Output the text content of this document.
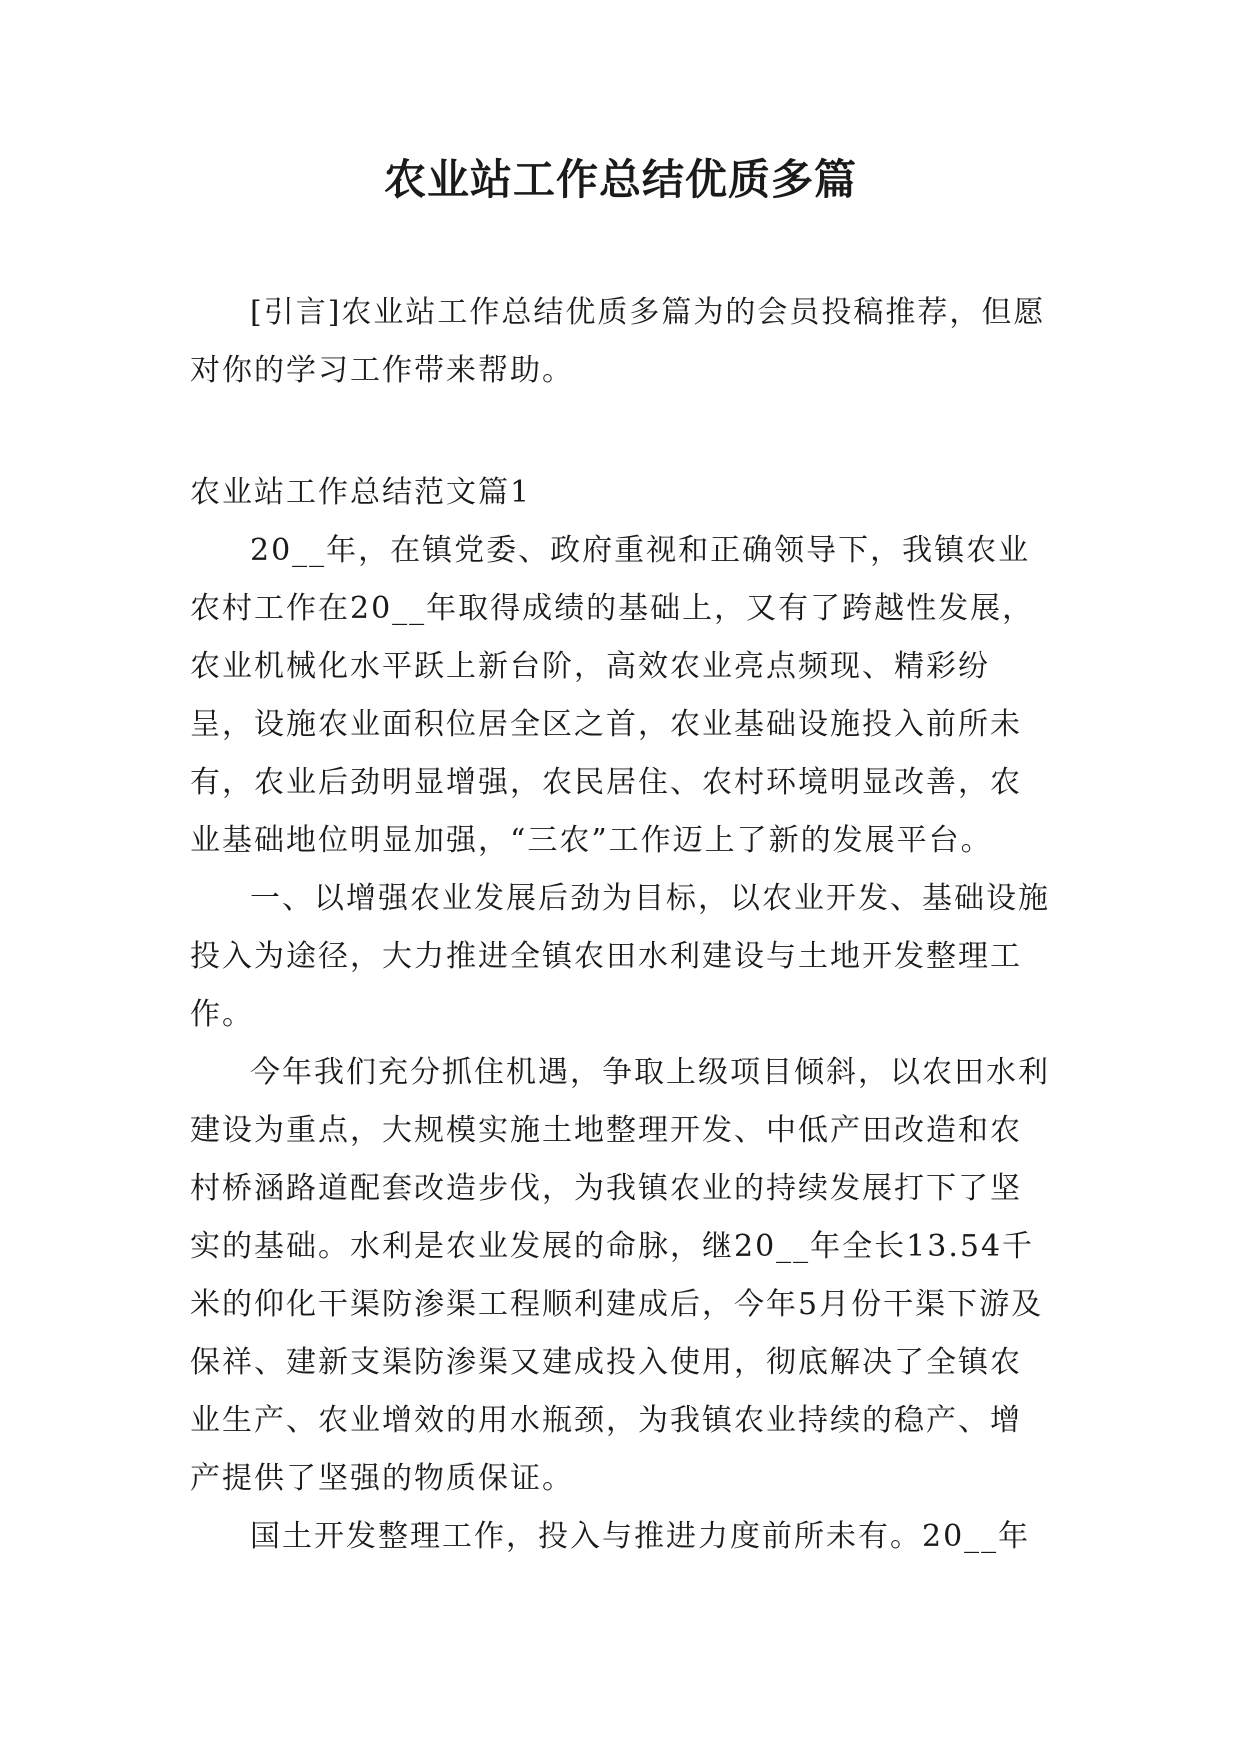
农业站工作总结优质多篇

[引言]农业站工作总结优质多篇为的会员投稿推荐，但愿对你的学习工作带来帮助。

农业站工作总结范文篇1

20__年，在镇党委、政府重视和正确领导下，我镇农业农村工作在20__年取得成绩的基础上，又有了跨越性发展，农业机械化水平跃上新台阶，高效农业亮点频现、精彩纷呈，设施农业面积位居全区之首，农业基础设施投入前所未有，农业后劲明显增强，农民居住、农村环境明显改善，农业基础地位明显加强，“三农”工作迈上了新的发展平台。

一、以增强农业发展后劲为目标，以农业开发、基础设施投入为途径，大力推进全镇农田水利建设与土地开发整理工作。

今年我们充分抓住机遇，争取上级项目倾斜，以农田水利建设为重点，大规模实施土地整理开发、中低产田改造和农村桥涵路道配套改造步伐，为我镇农业的持续发展打下了坚实的基础。水利是农业发展的命脉，继20__年全长13.54千米的仰化干渠防渗渠工程顺利建成后，今年5月份干渠下游及保祥、建新支渠防渗渠又建成投入使用，彻底解决了全镇农业生产、农业增效的用水瓶颈，为我镇农业持续的稳产、增产提供了坚强的物质保证。

国土开发整理工作，投入与推进力度前所未有。20__年
